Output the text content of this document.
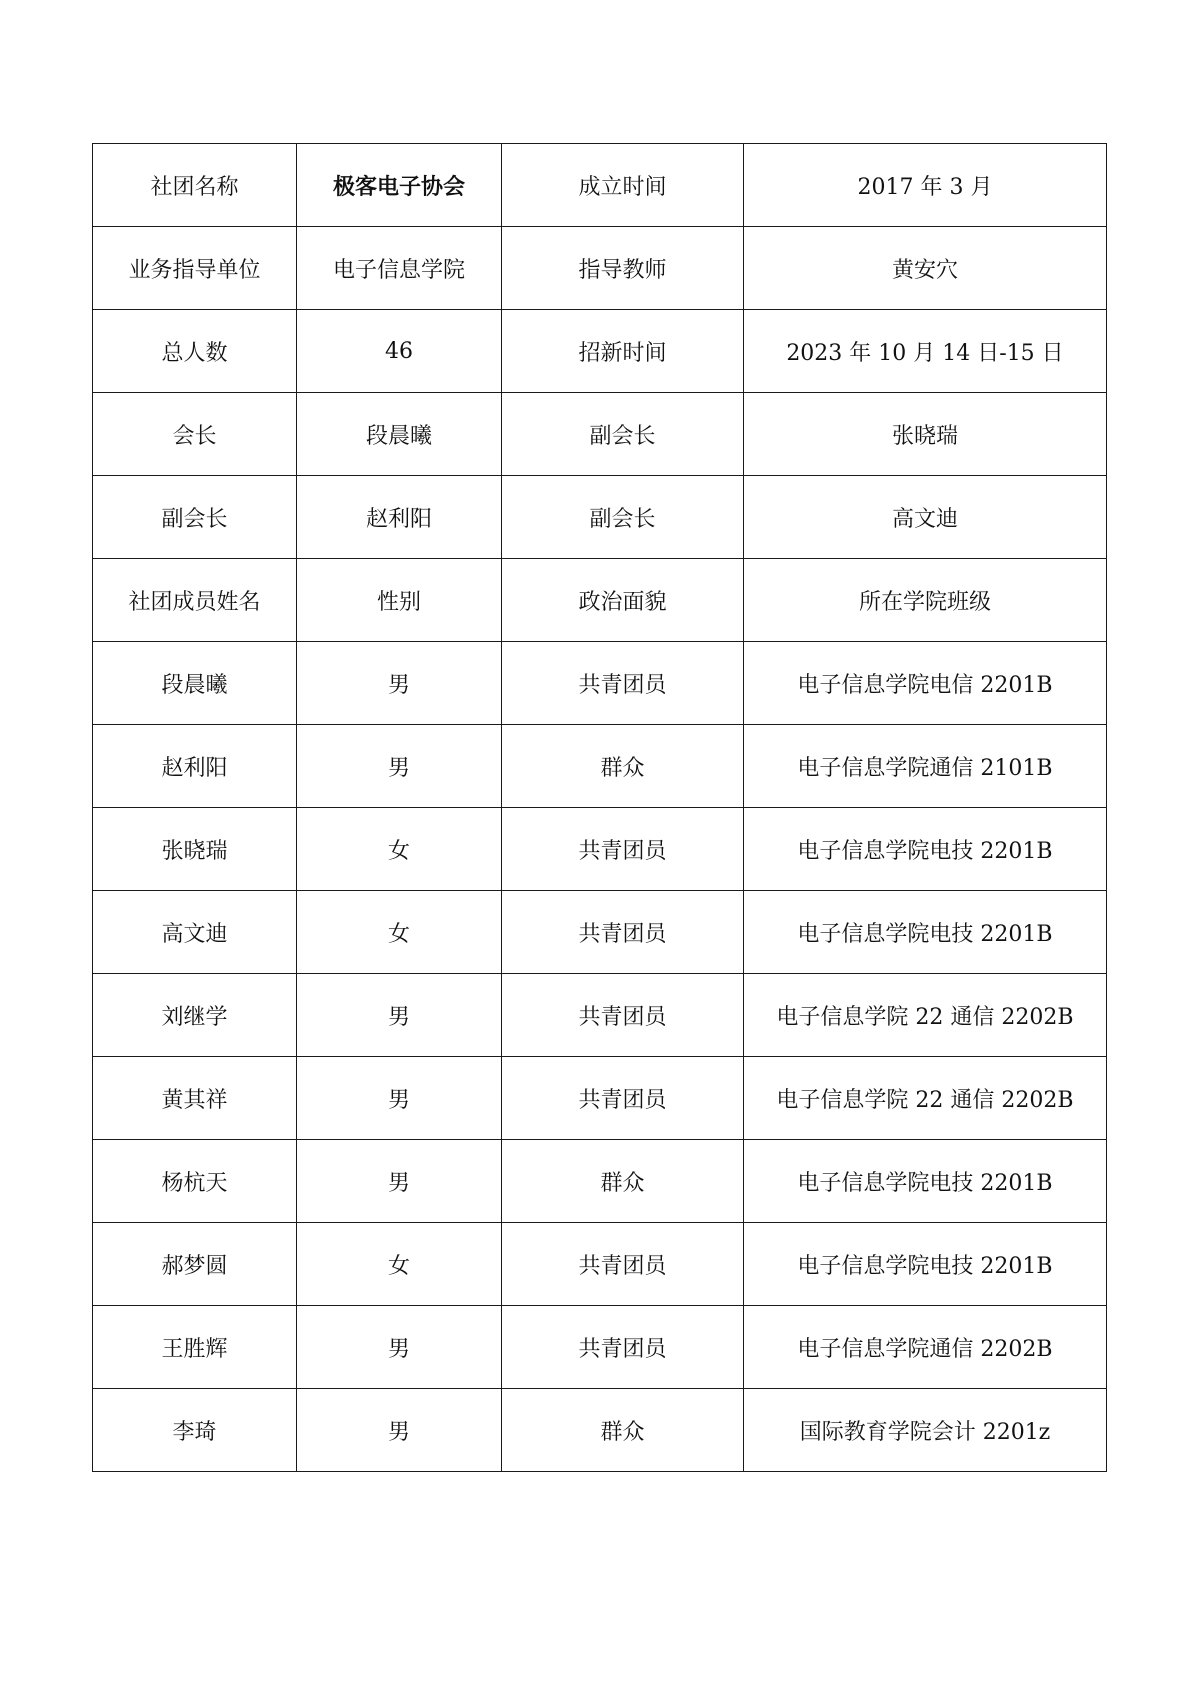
社团名称	极客电子协会	成立时间	2017 年 3 月
业务指导单位	电子信息学院	指导教师	黄安穴
总人数	46	招新时间	2023 年 10 月 14 日-15 日
会长	段晨曦	副会长	张晓瑞
副会长	赵利阳	副会长	高文迪
社团成员姓名	性别	政治面貌	所在学院班级
段晨曦	男	共青团员	电子信息学院电信 2201B
赵利阳	男	群众	电子信息学院通信 2101B
张晓瑞	女	共青团员	电子信息学院电技 2201B
高文迪	女	共青团员	电子信息学院电技 2201B
刘继学	男	共青团员	电子信息学院 22 通信 2202B
黄其祥	男	共青团员	电子信息学院 22 通信 2202B
杨杭天	男	群众	电子信息学院电技 2201B
郝梦圆	女	共青团员	电子信息学院电技 2201B
王胜辉	男	共青团员	电子信息学院通信 2202B
李琦	男	群众	国际教育学院会计 2201z
